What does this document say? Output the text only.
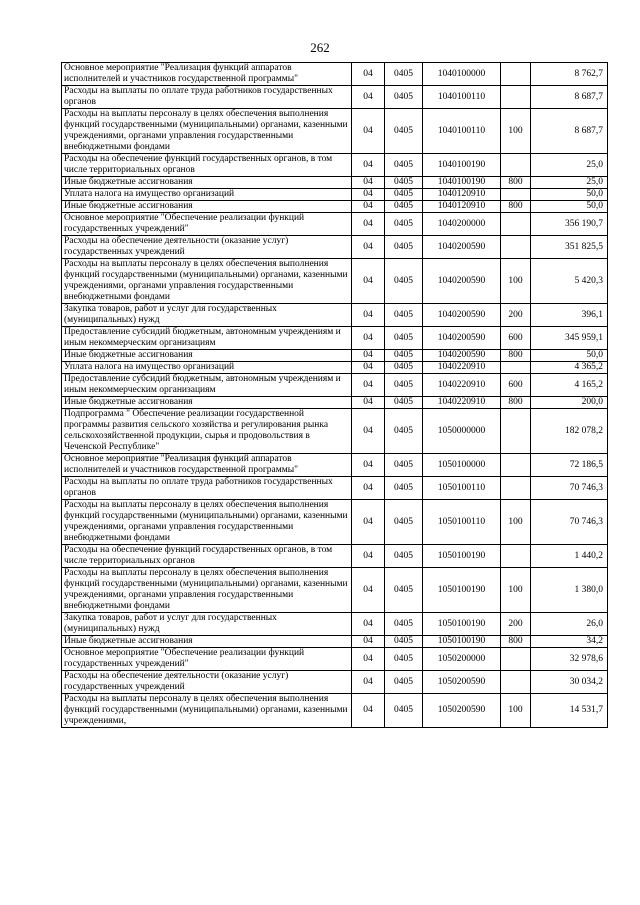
262
Основное мероприятие "Реализация функций аппаратов исполнителей и участников государственной программы"	04	0405	1040100000		8 762,7
Расходы на выплаты по оплате труда работников государственных органов	04	0405	1040100110		8 687,7
Расходы на выплаты персоналу в целях обеспечения выполнения функций государственными (муниципальными) органами, казенными учреждениями, органами управления государственными внебюджетными фондами	04	0405	1040100110	100	8 687,7
Расходы на обеспечение функций государственных органов, в том числе территориальных органов	04	0405	1040100190		25,0
Иные бюджетные ассигнования	04	0405	1040100190	800	25,0
Уплата налога на имущество организаций	04	0405	1040120910		50,0
Иные бюджетные ассигнования	04	0405	1040120910	800	50,0
Основное мероприятие "Обеспечение реализации функций государственных учреждений"	04	0405	1040200000		356 190,7
Расходы на обеспечение деятельности (оказание услуг) государственных учреждений	04	0405	1040200590		351 825,5
Расходы на выплаты персоналу в целях обеспечения выполнения функций государственными (муниципальными) органами, казенными учреждениями, органами управления государственными внебюджетными фондами	04	0405	1040200590	100	5 420,3
Закупка товаров, работ и услуг для государственных (муниципальных) нужд	04	0405	1040200590	200	396,1
Предоставление субсидий бюджетным, автономным учреждениям и иным некоммерческим организациям	04	0405	1040200590	600	345 959,1
Иные бюджетные ассигнования	04	0405	1040200590	800	50,0
Уплата налога на имущество организаций	04	0405	1040220910		4 365,2
Предоставление субсидий бюджетным, автономным учреждениям и иным некоммерческим организациям	04	0405	1040220910	600	4 165,2
Иные бюджетные ассигнования	04	0405	1040220910	800	200,0
Подпрограмма " Обеспечение реализации государственной программы развития сельского хозяйства и регулирования рынка сельскохозяйственной продукции, сырья и продовольствия в Чеченской Республике"	04	0405	1050000000		182 078,2
Основное мероприятие "Реализация функций аппаратов исполнителей и участников государственной программы"	04	0405	1050100000		72 186,5
Расходы на выплаты по оплате труда работников государственных органов	04	0405	1050100110		70 746,3
Расходы на выплаты персоналу в целях обеспечения выполнения функций государственными (муниципальными) органами, казенными учреждениями, органами управления государственными внебюджетными фондами	04	0405	1050100110	100	70 746,3
Расходы на обеспечение функций государственных органов, в том числе территориальных органов	04	0405	1050100190		1 440,2
Расходы на выплаты персоналу в целях обеспечения выполнения функций государственными (муниципальными) органами, казенными учреждениями, органами управления государственными внебюджетными фондами	04	0405	1050100190	100	1 380,0
Закупка товаров, работ и услуг для государственных (муниципальных) нужд	04	0405	1050100190	200	26,0
Иные бюджетные ассигнования	04	0405	1050100190	800	34,2
Основное мероприятие "Обеспечение реализации функций государственных учреждений"	04	0405	1050200000		32 978,6
Расходы на обеспечение деятельности (оказание услуг) государственных учреждений	04	0405	1050200590		30 034,2
Расходы на выплаты персоналу в целях обеспечения выполнения функций государственными (муниципальными) органами, казенными учреждениями,	04	0405	1050200590	100	14 531,7
